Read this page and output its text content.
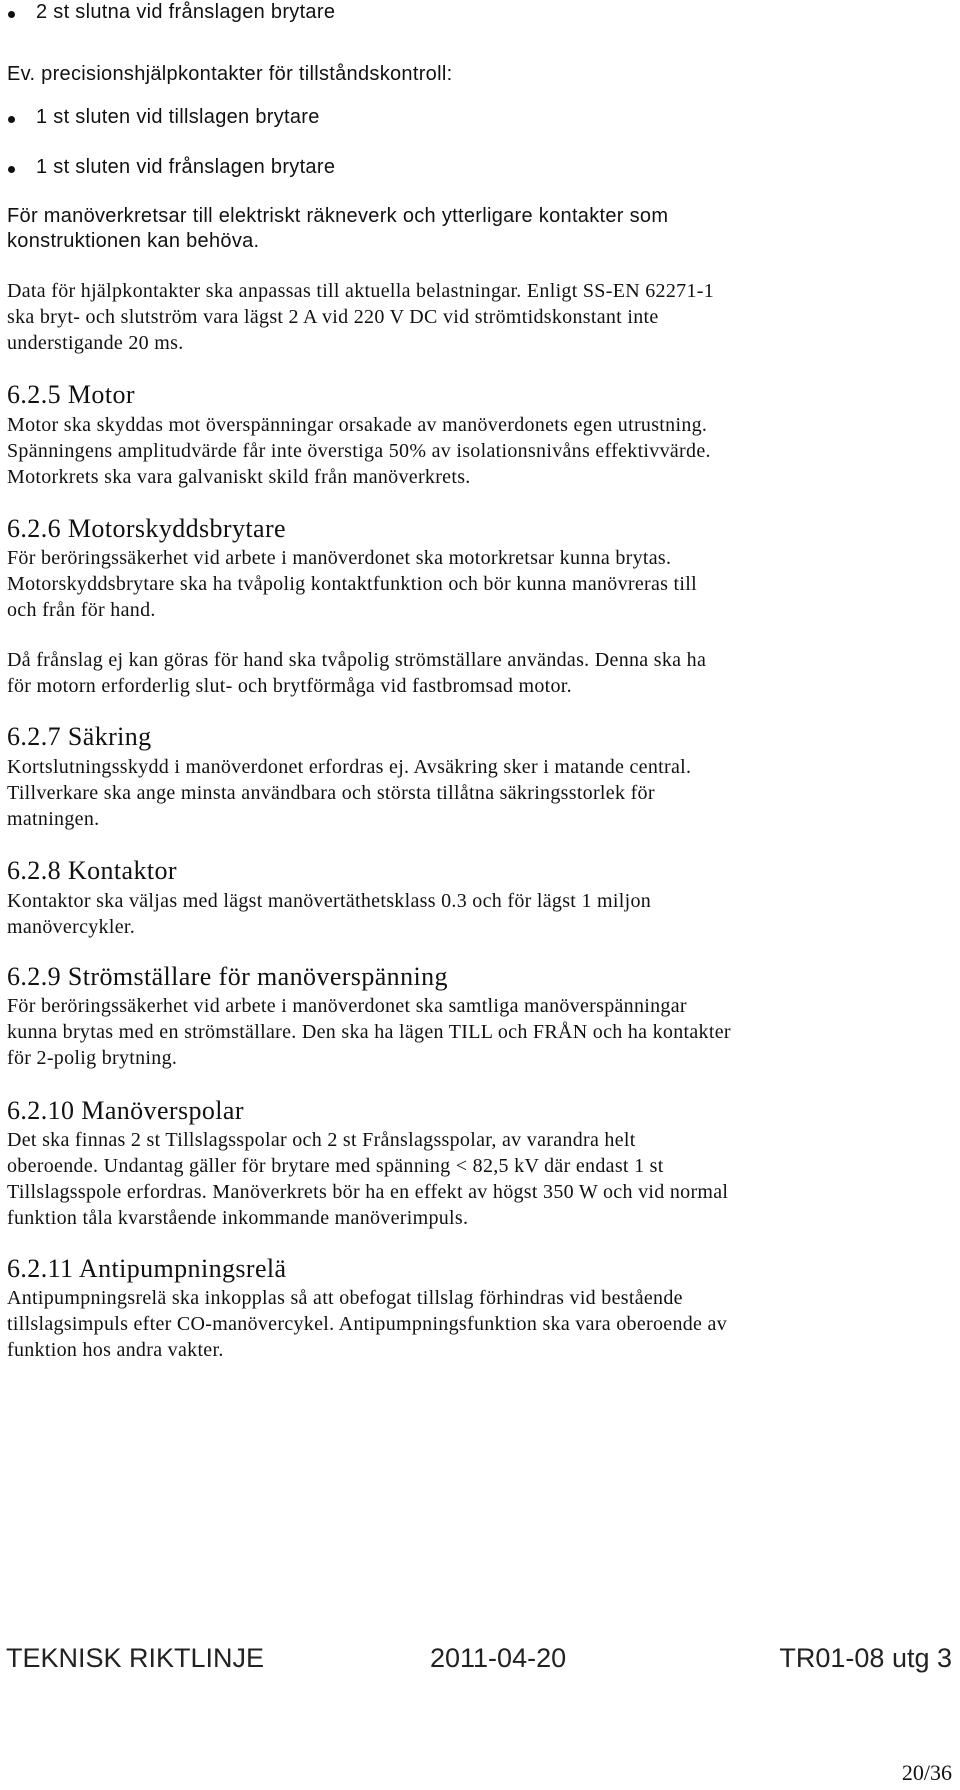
2 st slutna vid frånslagen brytare
Ev. precisionshjälpkontakter för tillståndskontroll:
1 st sluten vid tillslagen brytare
1 st sluten vid frånslagen brytare
För manöverkretsar till elektriskt räkneverk och ytterligare kontakter som
konstruktionen kan behöva.
Data för hjälpkontakter ska anpassas till aktuella belastningar. Enligt SS-EN 62271-1
ska bryt- och slutström vara lägst 2 A vid 220 V DC vid strömtidskonstant inte
understigande 20 ms.
6.2.5 Motor
Motor ska skyddas mot överspänningar orsakade av manöverdonets egen utrustning.
Spänningens amplitudvärde får inte överstiga 50% av isolationsnivåns effektivvärde.
Motorkrets ska vara galvaniskt skild från manöverkrets.
6.2.6 Motorskyddsbrytare
För beröringssäkerhet vid arbete i manöverdonet ska motorkretsar kunna brytas.
Motorskyddsbrytare ska ha tvåpolig kontaktfunktion och bör kunna manövreras till
och från för hand.
Då frånslag ej kan göras för hand ska tvåpolig strömställare användas. Denna ska ha
för motorn erforderlig slut- och brytförmåga vid fastbromsad motor.
6.2.7 Säkring
Kortslutningsskydd i manöverdonet erfordras ej. Avsäkring sker i matande central.
Tillverkare ska ange minsta användbara och största tillåtna säkringsstorlek för
matningen.
6.2.8 Kontaktor
Kontaktor ska väljas med lägst manövertäthetsklass 0.3 och för lägst 1 miljon
manövercykler.
6.2.9 Strömställare för manöverspänning
För beröringssäkerhet vid arbete i manöverdonet ska samtliga manöverspänningar
kunna brytas med en strömställare. Den ska ha lägen TILL och FRÅN och ha kontakter
för 2-polig brytning.
6.2.10 Manöverspolar
Det ska finnas 2 st Tillslagsspolar och 2 st Frånslagsspolar, av varandra helt
oberoende. Undantag gäller för brytare med spänning < 82,5 kV där endast 1 st
Tillslagsspole erfordras. Manöverkrets bör ha en effekt av högst 350 W och vid normal
funktion tåla kvarstående inkommande manöverimpuls.
6.2.11 Antipumpningsrelä
Antipumpningsrelä ska inkopplas så att obefogat tillslag förhindras vid bestående
tillslagsimpuls efter CO-manövercykel. Antipumpningsfunktion ska vara oberoende av
funktion hos andra vakter.
TEKNISK RIKTLINJE	2011-04-20	TR01-08 utg 3
20/36
